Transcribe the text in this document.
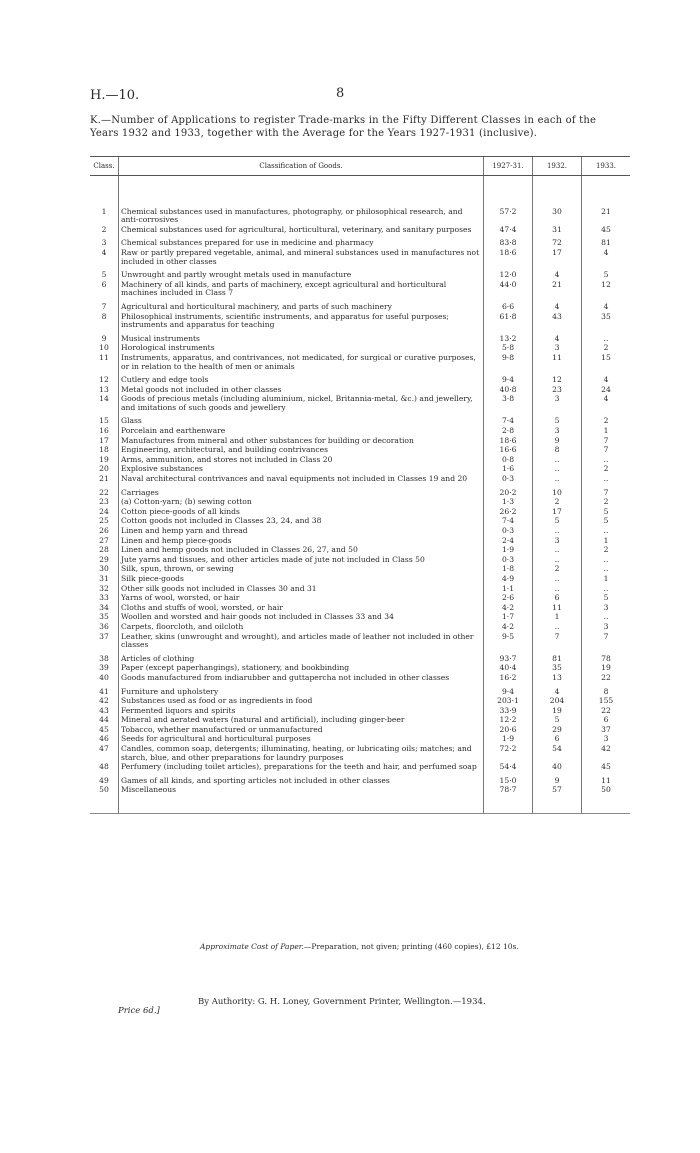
H.—10.	8
K.—Number of Applications to register Trade-marks in the Fifty Different Classes in each of the Years 1932 and 1933, together with the Average for the Years 1927-1931 (inclusive).
Class.	Classification of Goods.	1927-31.	1932.	1933.
1	Chemical substances used in manufactures, photography, or philosophical research, and anti-corrosives	57·2	30	21
2	Chemical substances used for agricultural, horticultural, veterinary, and sanitary purposes	47·4	31	45
3	Chemical substances prepared for use in medicine and pharmacy	83·8	72	81
4	Raw or partly prepared vegetable, animal, and mineral substances used in manufactures not included in other classes	18·6	17	4
5	Unwrought and partly wrought metals used in manufacture	12·0	4	5
6	Machinery of all kinds, and parts of machinery, except agricultural and horticultural machines included in Class 7	44·0	21	12
7	Agricultural and horticultural machinery, and parts of such machinery	6·6	4	4
8	Philosophical instruments, scientific instruments, and apparatus for useful purposes; instruments and apparatus for teaching	61·8	43	35
9	Musical instruments	13·2	4	..
10	Horological instruments	5·8	3	2
11	Instruments, apparatus, and contrivances, not medicated, for surgical or curative purposes, or in relation to the health of men or animals	9·8	11	15
12	Cutlery and edge tools	9·4	12	4
13	Metal goods not included in other classes	40·8	23	24
14	Goods of precious metals (including aluminium, nickel, Britannia-metal, &c.) and jewellery, and imitations of such goods and jewellery	3·8	3	4
15	Glass	7·4	5	2
16	Porcelain and earthenware	2·8	3	1
17	Manufactures from mineral and other substances for building or decoration	18·6	9	7
18	Engineering, architectural, and building contrivances	16·6	8	7
19	Arms, ammunition, and stores not included in Class 20	0·8	..	..
20	Explosive substances	1·6	..	2
21	Naval architectural contrivances and naval equipments not included in Classes 19 and 20	0·3	..	..
22	Carriages	20·2	10	7
23	(a) Cotton-yarn; (b) sewing cotton	1·3	2	2
24	Cotton piece-goods of all kinds	26·2	17	5
25	Cotton goods not included in Classes 23, 24, and 38	7·4	5	5
26	Linen and hemp yarn and thread	0·3	..	..
27	Linen and hemp piece-goods	2·4	3	1
28	Linen and hemp goods not included in Classes 26, 27, and 50	1·9	..	2
29	Jute yarns and tissues, and other articles made of jute not included in Class 50	0·3	..	..
30	Silk, spun, thrown, or sewing	1·8	2	..
31	Silk piece-goods	4·9	..	1
32	Other silk goods not included in Classes 30 and 31	1·1	..	..
33	Yarns of wool, worsted, or hair	2·6	6	5
34	Cloths and stuffs of wool, worsted, or hair	4·2	11	3
35	Woollen and worsted and hair goods not included in Classes 33 and 34	1·7	1	..
36	Carpets, floorcloth, and oilcloth	4·2	..	3
37	Leather, skins (unwrought and wrought), and articles made of leather not included in other classes	9·5	7	7
38	Articles of clothing	93·7	81	78
39	Paper (except paperhangings), stationery, and bookbinding	40·4	35	19
40	Goods manufactured from indiarubber and guttapercha not included in other classes	16·2	13	22
41	Furniture and upholstery	9·4	4	8
42	Substances used as food or as ingredients in food	203·1	204	155
43	Fermented liquors and spirits	33·9	19	22
44	Mineral and aerated waters (natural and artificial), including ginger-beer	12·2	5	6
45	Tobacco, whether manufactured or unmanufactured	20·6	29	37
46	Seeds for agricultural and horticultural purposes	1·9	6	3
47	Candles, common soap, detergents; illuminating, heating, or lubricating oils; matches; and starch, blue, and other preparations for laundry purposes	72·2	54	42
48	Perfumery (including toilet articles), preparations for the teeth and hair, and perfumed soap	54·4	40	45
49	Games of all kinds, and sporting articles not included in other classes	15·0	9	11
50	Miscellaneous	78·7	57	50
Approximate Cost of Paper.—Preparation, not given; printing (460 copies), £12 10s.
By Authority: G. H. Loney, Government Printer, Wellington.—1934.
Price 6d.]
